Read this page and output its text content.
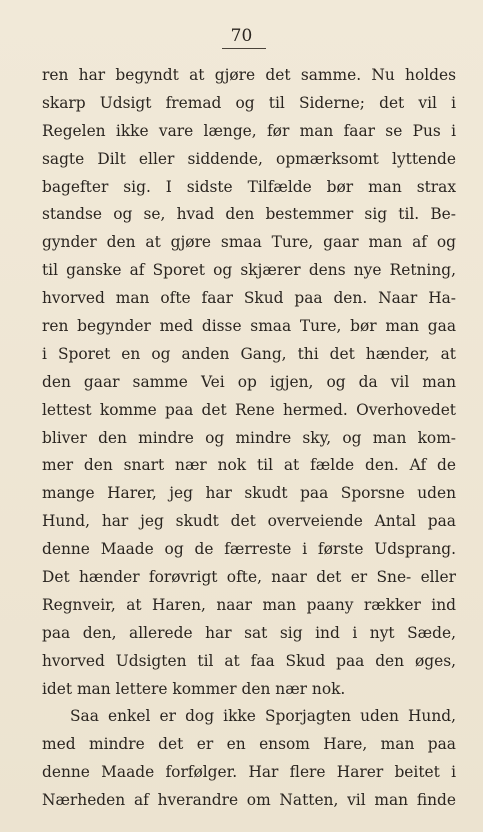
70
ren har begyndt at gjøre det samme. Nu holdes
skarp Udsigt fremad og til Siderne; det vil i
Regelen ikke vare længe, før man faar se Pus i
sagte Dilt eller siddende, opmærksomt lyttende
bagefter sig. I sidste Tilfælde bør man strax
standse og se, hvad den bestemmer sig til. Be-
gynder den at gjøre smaa Ture, gaar man af og
til ganske af Sporet og skjærer dens nye Retning,
hvorved man ofte faar Skud paa den. Naar Ha-
ren begynder med disse smaa Ture, bør man gaa
i Sporet en og anden Gang, thi det hænder, at
den gaar samme Vei op igjen, og da vil man
lettest komme paa det Rene hermed. Overhovedet
bliver den mindre og mindre sky, og man kom-
mer den snart nær nok til at fælde den. Af de
mange Harer, jeg har skudt paa Sporsne uden
Hund, har jeg skudt det overveiende Antal paa
denne Maade og de færreste i første Udsprang.
Det hænder forøvrigt ofte, naar det er Sne- eller
Regnveir, at Haren, naar man paany rækker ind
paa den, allerede har sat sig ind i nyt Sæde,
hvorved Udsigten til at faa Skud paa den øges,
idet man lettere kommer den nær nok.
Saa enkel er dog ikke Sporjagten uden Hund,
med mindre det er en ensom Hare, man paa
denne Maade forfølger. Har flere Harer beitet i
Nærheden af hverandre om Natten, vil man finde
